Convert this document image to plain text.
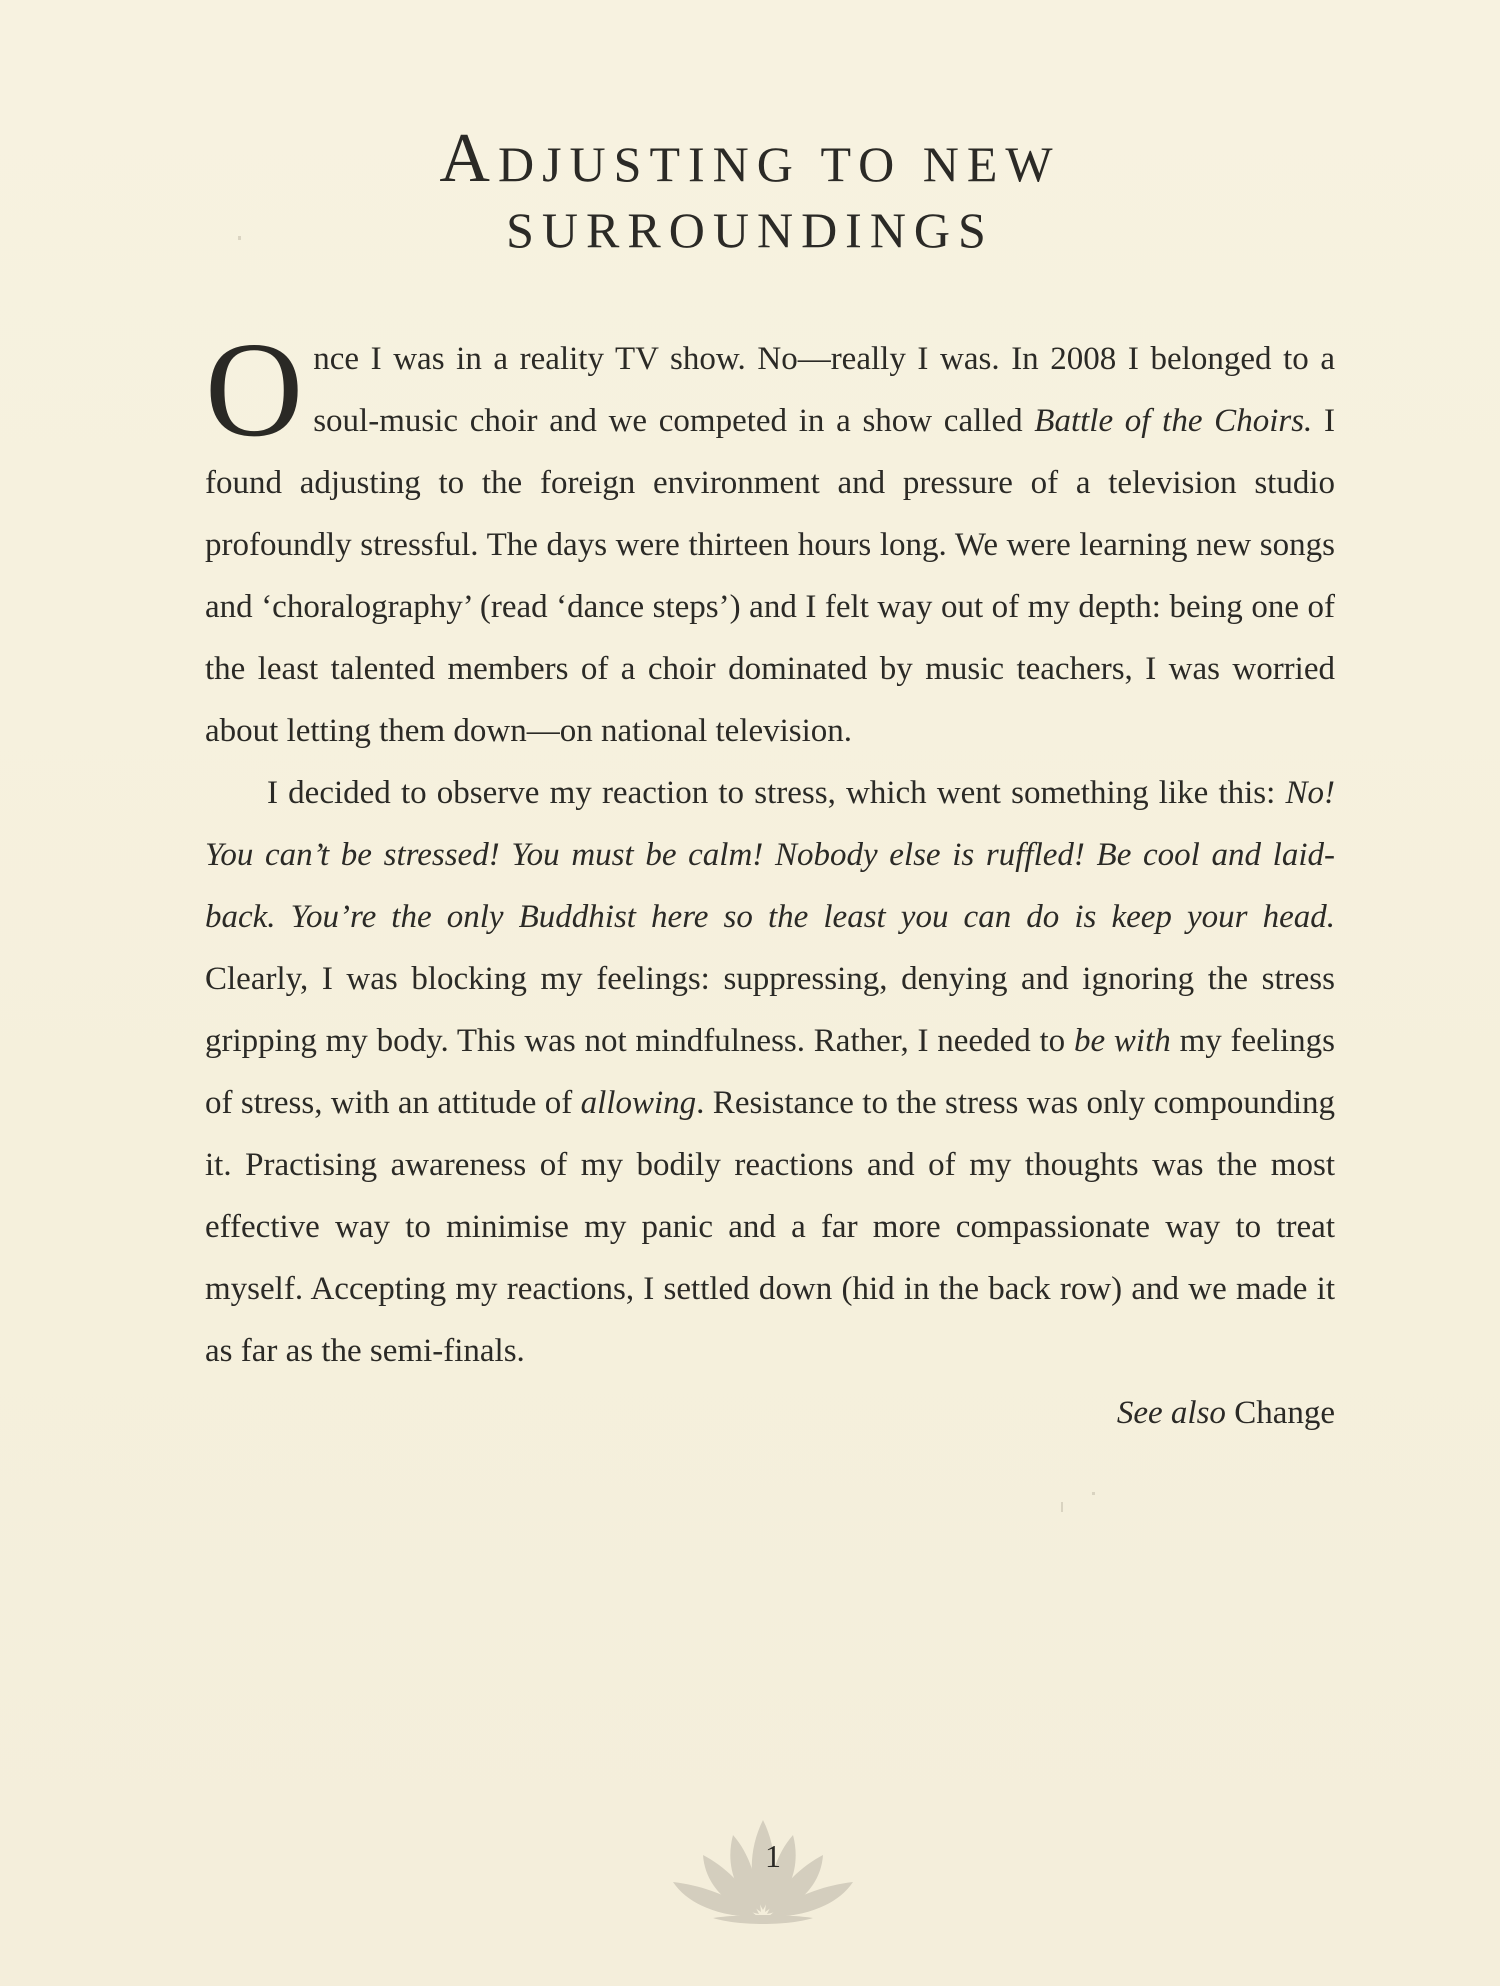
ADJUSTING TO NEW
SURROUNDINGS

Once I was in a reality TV show. No—really I was. In 2008 I belonged to a soul-music choir and we competed in a show called Battle of the Choirs. I found adjusting to the foreign environment and pressure of a television studio profoundly stressful. The days were thirteen hours long. We were learning new songs and ‘choralography’ (read ‘dance steps’) and I felt way out of my depth: being one of the least talented members of a choir dominated by music teachers, I was worried about letting them down—on national television.

I decided to observe my reaction to stress, which went something like this: No! You can’t be stressed! You must be calm! Nobody else is ruffled! Be cool and laid-back. You’re the only Buddhist here so the least you can do is keep your head. Clearly, I was blocking my feelings: suppressing, denying and ignoring the stress gripping my body. This was not mindfulness. Rather, I needed to be with my feelings of stress, with an attitude of allowing. Resistance to the stress was only compounding it. Practising awareness of my bodily reactions and of my thoughts was the most effective way to minimise my panic and a far more compassionate way to treat myself. Accepting my reactions, I settled down (hid in the back row) and we made it as far as the semi-finals.

See also Change

1
